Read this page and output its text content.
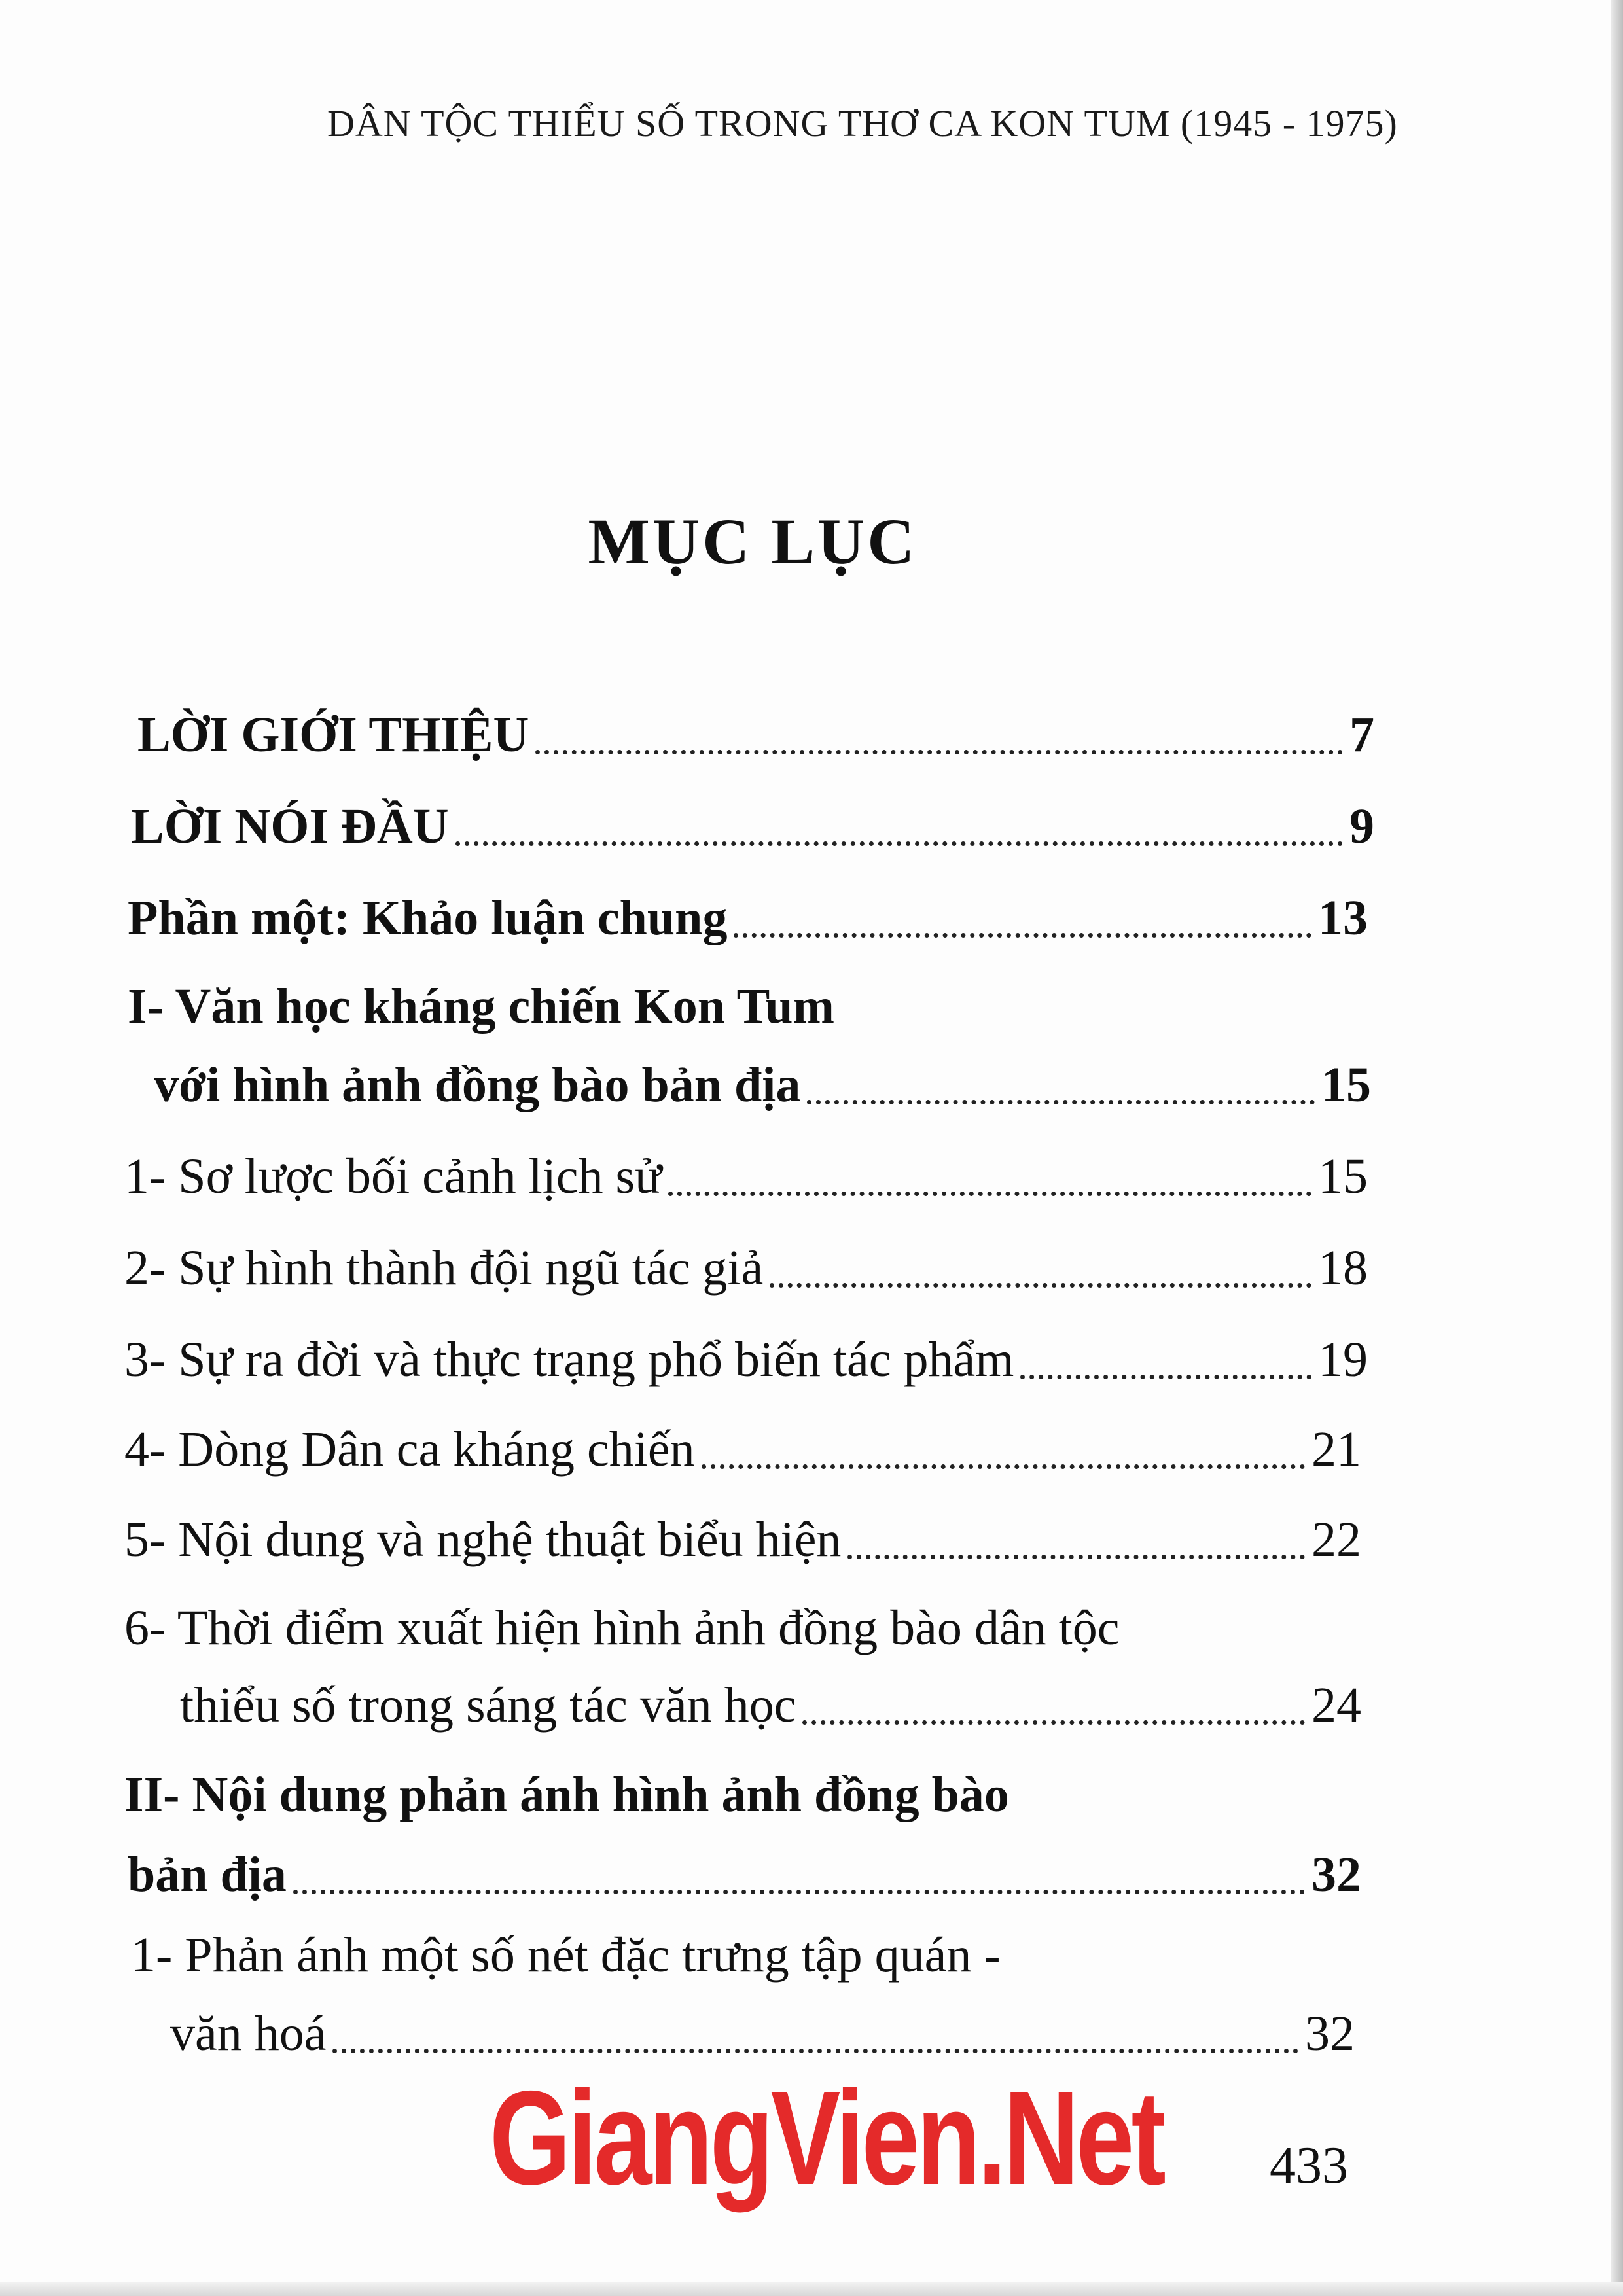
DÂN TỘC THIỂU SỐ TRONG THƠ CA KON TUM (1945 - 1975)
MỤC LỤC
LỜI GIỚI THIỆU	7
LỜI NÓI ĐẦU	9
Phần một: Khảo luận chung	13
I- Văn học kháng chiến Kon Tum
với hình ảnh đồng bào bản địa	15
1- Sơ lược bối cảnh lịch sử	15
2- Sự hình thành đội ngũ tác giả	18
3- Sự ra đời và thực trạng phổ biến tác phẩm	19
4- Dòng Dân ca kháng chiến	21
5- Nội dung và nghệ thuật biểu hiện	22
6- Thời điểm xuất hiện hình ảnh đồng bào dân tộc
thiểu số trong sáng tác văn học	24
II- Nội dung phản ánh hình ảnh đồng bào
bản địa	32
1- Phản ánh một số nét đặc trưng tập quán -
văn hoá	32
GiangVien.Net 433
